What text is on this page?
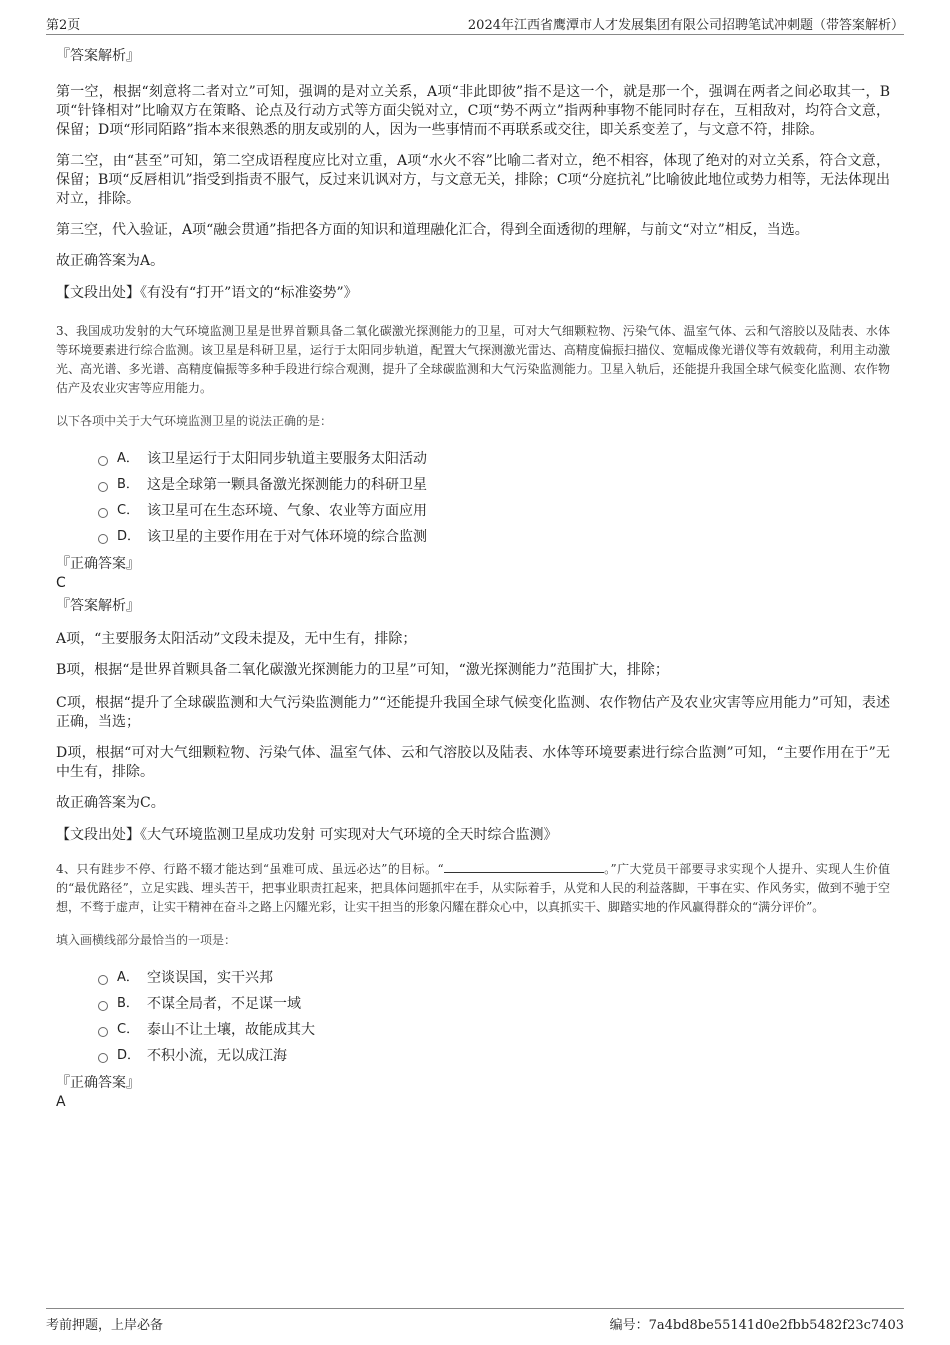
第2页	2024年江西省鹰潭市人才发展集团有限公司招聘笔试冲刺题（带答案解析）

『答案解析』

第一空，根据“刻意将二者对立”可知，强调的是对立关系，A项“非此即彼”指不是这一个，就是那一个，强调在两者之间必取其一，B项“针锋相对”比喻双方在策略、论点及行动方式等方面尖锐对立，C项“势不两立”指两种事物不能同时存在，互相敌对，均符合文意，保留；D项“形同陌路”指本来很熟悉的朋友或别的人，因为一些事情而不再联系或交往，即关系变差了，与文意不符，排除。

第二空，由“甚至”可知，第二空成语程度应比对立重，A项“水火不容”比喻二者对立，绝不相容，体现了绝对的对立关系，符合文意，保留；B项“反唇相讥”指受到指责不服气，反过来讥讽对方，与文意无关，排除；C项“分庭抗礼”比喻彼此地位或势力相等，无法体现出对立，排除。

第三空，代入验证，A项“融会贯通”指把各方面的知识和道理融化汇合，得到全面透彻的理解，与前文“对立”相反，当选。

故正确答案为A。

【文段出处】《有没有“打开”语文的“标准姿势”》

3、我国成功发射的大气环境监测卫星是世界首颗具备二氧化碳激光探测能力的卫星，可对大气细颗粒物、污染气体、温室气体、云和气溶胶以及陆表、水体等环境要素进行综合监测。该卫星是科研卫星，运行于太阳同步轨道，配置大气探测激光雷达、高精度偏振扫描仪、宽幅成像光谱仪等有效载荷，利用主动激光、高光谱、多光谱、高精度偏振等多种手段进行综合观测，提升了全球碳监测和大气污染监测能力。卫星入轨后，还能提升我国全球气候变化监测、农作物估产及农业灾害等应用能力。

以下各项中关于大气环境监测卫星的说法正确的是：

A． 该卫星运行于太阳同步轨道主要服务太阳活动
B． 这是全球第一颗具备激光探测能力的科研卫星
C． 该卫星可在生态环境、气象、农业等方面应用
D． 该卫星的主要作用在于对气体环境的综合监测

『正确答案』

C

『答案解析』

A项，“主要服务太阳活动”文段未提及，无中生有，排除；

B项，根据“是世界首颗具备二氧化碳激光探测能力的卫星”可知，“激光探测能力”范围扩大，排除；

C项，根据“提升了全球碳监测和大气污染监测能力”“还能提升我国全球气候变化监测、农作物估产及农业灾害等应用能力”可知，表述正确，当选；

D项，根据“可对大气细颗粒物、污染气体、温室气体、云和气溶胶以及陆表、水体等环境要素进行综合监测”可知，“主要作用在于”无中生有，排除。

故正确答案为C。

【文段出处】《大气环境监测卫星成功发射 可实现对大气环境的全天时综合监测》

4、只有跬步不停、行路不辍才能达到“虽难可成、虽远必达”的目标。“	。”广大党员干部要寻求实现个人提升、实现人生价值的“最优路径”，立足实践、埋头苦干，把事业职责扛起来，把具体问题抓牢在手，从实际着手，从党和人民的利益落脚，干事在实、作风务实，做到不驰于空想，不骛于虚声，让实干精神在奋斗之路上闪耀光彩，让实干担当的形象闪耀在群众心中，以真抓实干、脚踏实地的作风赢得群众的“满分评价”。

填入画横线部分最恰当的一项是：

A． 空谈误国，实干兴邦
B． 不谋全局者，不足谋一域
C． 泰山不让土壤，故能成其大
D． 不积小流，无以成江海

『正确答案』

A

考前押题，上岸必备	编号：7a4bd8be55141d0e2fbb5482f23c7403
